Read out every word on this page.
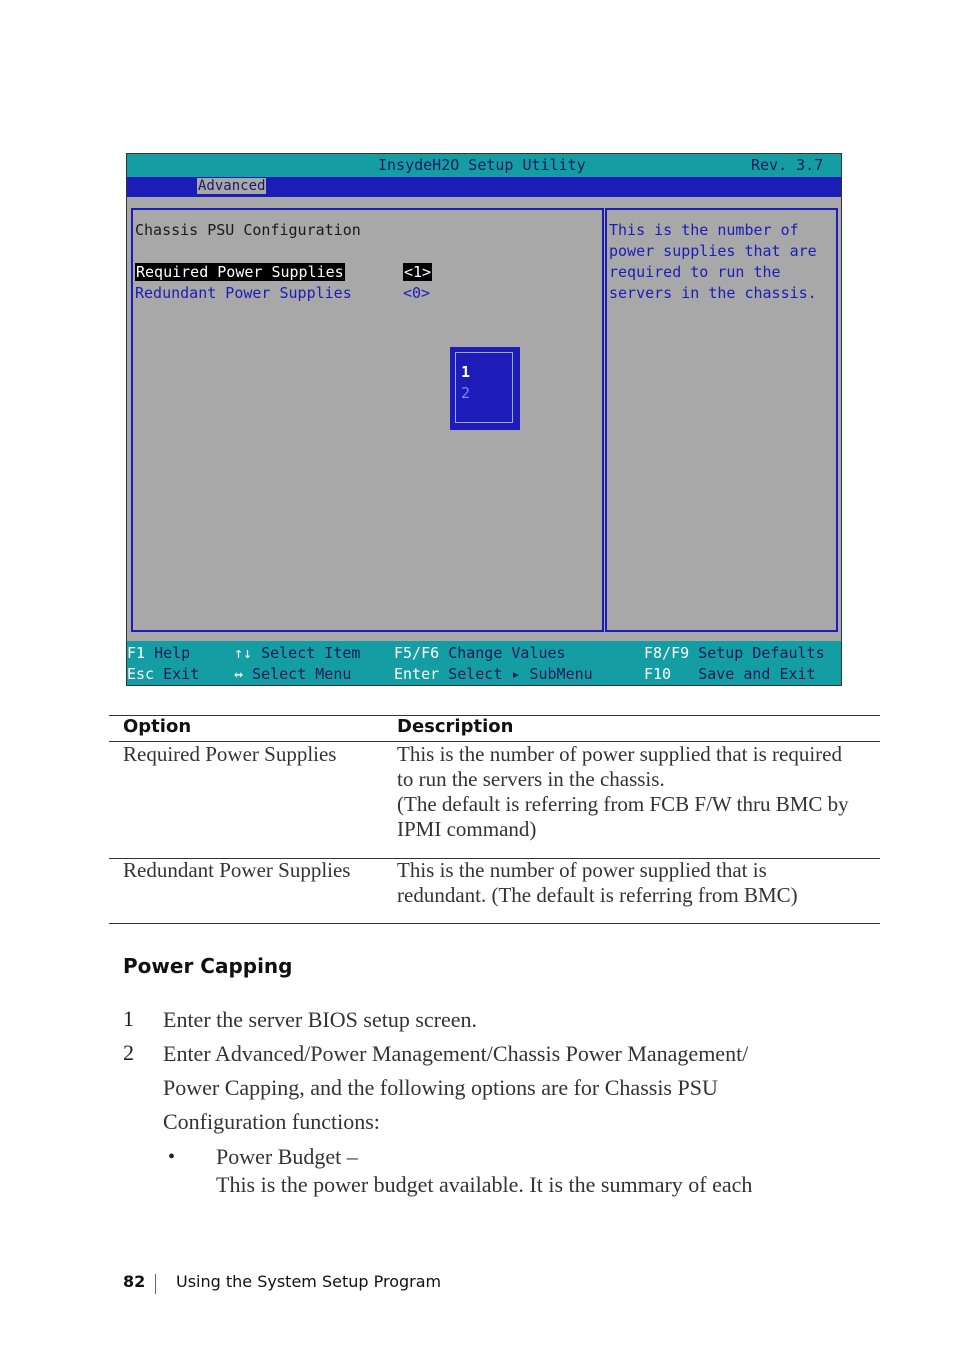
InsydeH2O Setup Utility	Rev. 3.7
Advanced
Chassis PSU Configuration
Required Power Supplies	<1>
Redundant Power Supplies	<0>
1
2
This is the number of
power supplies that are
required to run the
servers in the chassis.
F1 Help
Esc Exit
↑↓ Select Item
↔ Select Menu
F5/F6 Change Values
Enter Select ▸ SubMenu
F8/F9 Setup Defaults
F10 Save and Exit
Option	Description
Required Power Supplies	This is the number of power supplied that is required
to run the servers in the chassis.
(The default is referring from FCB F/W thru BMC by
IPMI command)
Redundant Power Supplies This is the number of power supplied that is
redundant. (The default is referring from BMC)
Power Capping
1 Enter the server BIOS setup screen.
2 Enter Advanced/Power Management/Chassis Power Management/
Power Capping, and the following options are for Chassis PSU
Configuration functions:
• Power Budget –
This is the power budget available. It is the summary of each
82 Using the System Setup Program
